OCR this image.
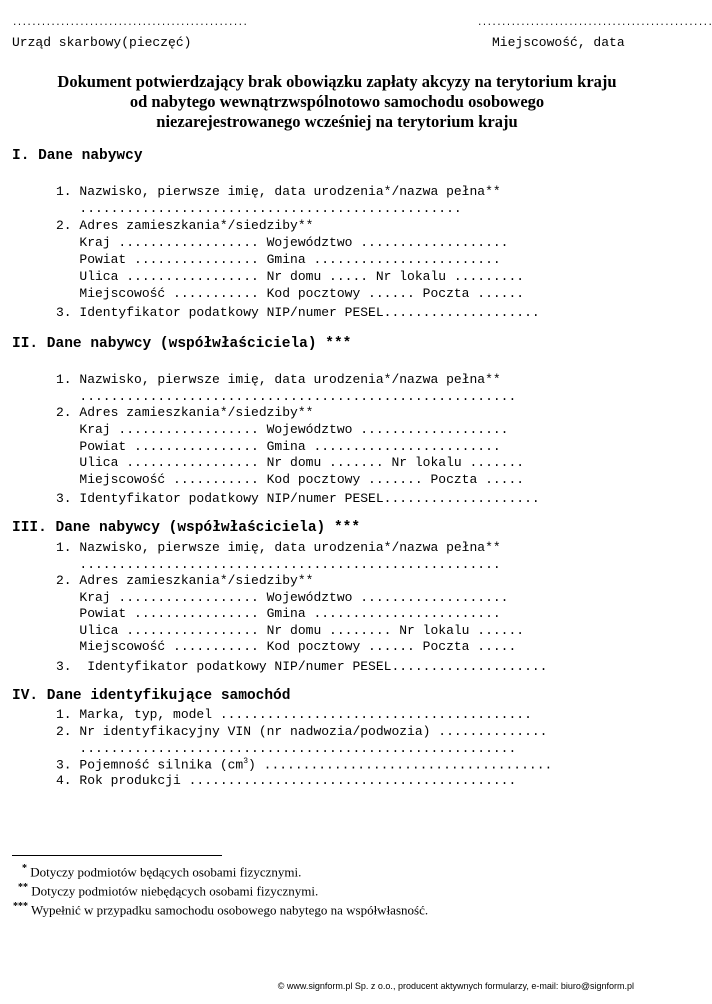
.................................................	.................................................
Urząd skarbowy(pieczęć)	Miejscowość, data
Dokument potwierdzający brak obowiązku zapłaty akcyzy na terytorium kraju
od nabytego wewnątrzwspólnotowo samochodu osobowego
niezarejestrowanego wcześniej na terytorium kraju
I. Dane nabywcy
1. Nazwisko, pierwsze imię, data urodzenia*/nazwa pełna**
.................................................
2. Adres zamieszkania*/siedziby**
Kraj .................. Województwo ...................
Powiat ................ Gmina ........................
Ulica ................. Nr domu ..... Nr lokalu .........
Miejscowość ........... Kod pocztowy ...... Poczta ......
3. Identyfikator podatkowy NIP/numer PESEL....................
II. Dane nabywcy (współwłaściciela) ***
1. Nazwisko, pierwsze imię, data urodzenia*/nazwa pełna**
........................................................
2. Adres zamieszkania*/siedziby**
Kraj .................. Województwo ...................
Powiat ................ Gmina ........................
Ulica ................. Nr domu ....... Nr lokalu .......
Miejscowość ........... Kod pocztowy ....... Poczta .....
3. Identyfikator podatkowy NIP/numer PESEL....................
III. Dane nabywcy (współwłaściciela) ***
1. Nazwisko, pierwsze imię, data urodzenia*/nazwa pełna**
......................................................
2. Adres zamieszkania*/siedziby**
Kraj .................. Województwo ...................
Powiat ................ Gmina ........................
Ulica ................. Nr domu ........ Nr lokalu ......
Miejscowość ........... Kod pocztowy ...... Poczta .....
3.  Identyfikator podatkowy NIP/numer PESEL....................
IV. Dane identyfikujące samochód
1. Marka, typ, model ........................................
2. Nr identyfikacyjny VIN (nr nadwozia/podwozia) ..............
........................................................
3. Pojemność silnika $(cm^3)$ .....................................
4. Rok produkcji ..........................................
* Dotyczy podmiotów będących osobami fizycznymi.
** Dotyczy podmiotów niebędących osobami fizycznymi.
*** Wypełnić w przypadku samochodu osobowego nabytego na współwłasność.
© www.signform.pl Sp. z o.o., producent aktywnych formularzy, e-mail: biuro@signform.pl
